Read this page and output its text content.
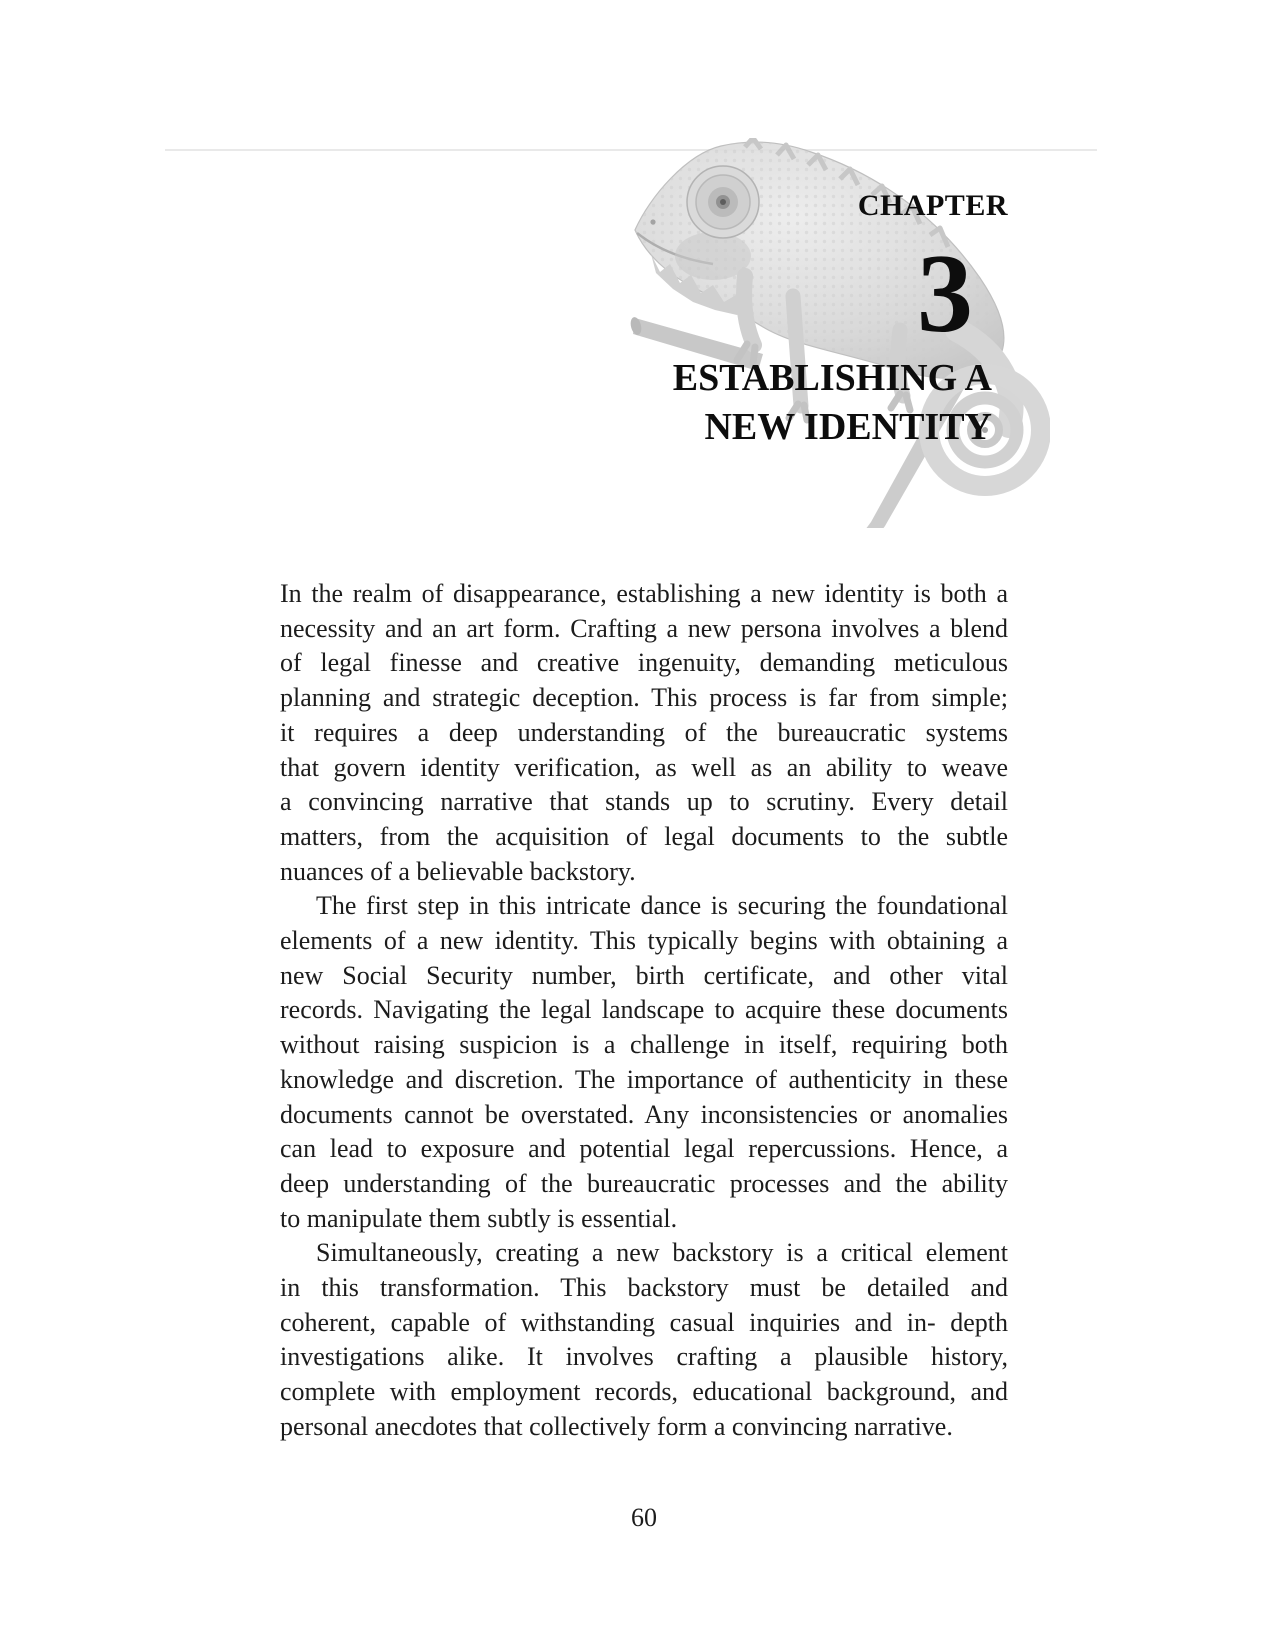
CHAPTER
3
ESTABLISHING A
NEW IDENTITY
In the realm of disappearance, establishing a new identity is both a
necessity and an art form. Crafting a new persona involves a blend
of legal finesse and creative ingenuity, demanding meticulous
planning and strategic deception. This process is far from simple;
it requires a deep understanding of the bureaucratic systems
that govern identity verification, as well as an ability to weave
a convincing narrative that stands up to scrutiny. Every detail
matters, from the acquisition of legal documents to the subtle
nuances of a believable backstory.
The first step in this intricate dance is securing the foundational
elements of a new identity. This typically begins with obtaining a
new Social Security number, birth certificate, and other vital
records. Navigating the legal landscape to acquire these documents
without raising suspicion is a challenge in itself, requiring both
knowledge and discretion. The importance of authenticity in these
documents cannot be overstated. Any inconsistencies or anomalies
can lead to exposure and potential legal repercussions. Hence, a
deep understanding of the bureaucratic processes and the ability
to manipulate them subtly is essential.
Simultaneously, creating a new backstory is a critical element
in this transformation. This backstory must be detailed and
coherent, capable of withstanding casual inquiries and in- depth
investigations alike. It involves crafting a plausible history,
complete with employment records, educational background, and
personal anecdotes that collectively form a convincing narrative.
60
